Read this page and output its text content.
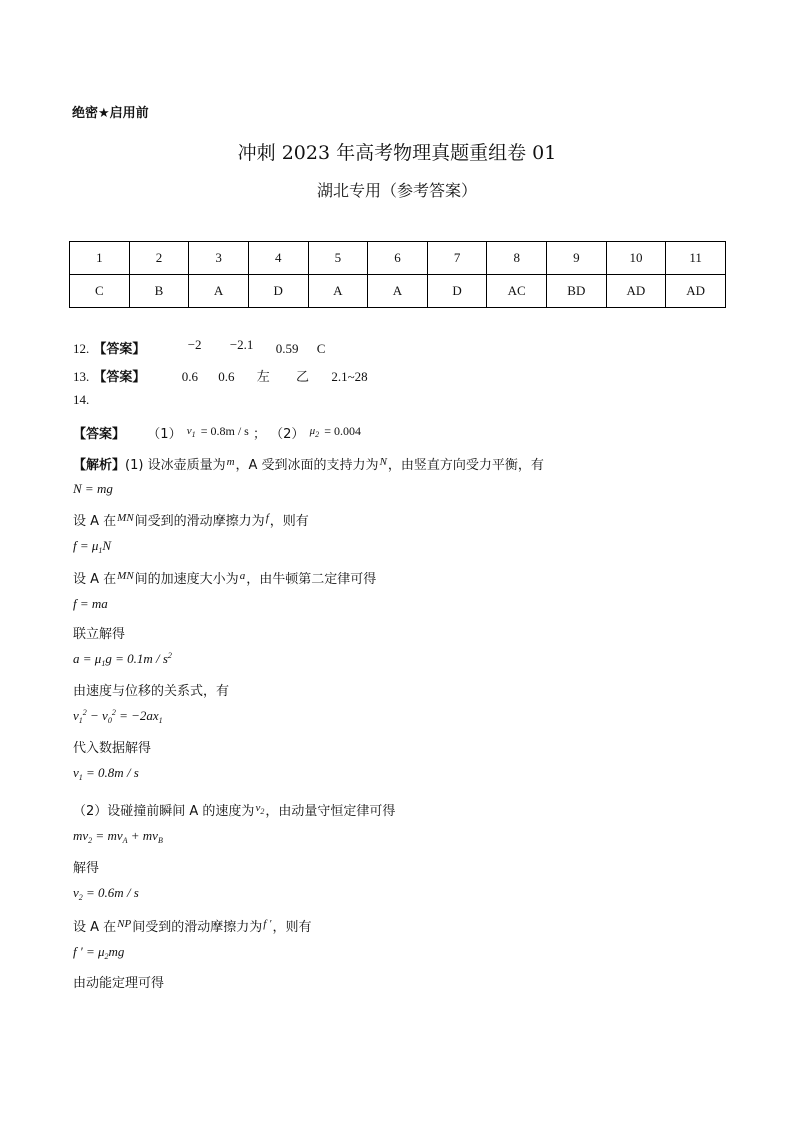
绝密★启用前
冲刺 2023 年高考物理真题重组卷 01
湖北专用（参考答案）
1	2	3	4	5	6	7	8	9	10	11
C	B	A	D	A	A	D	AC	BD	AD	AD
12. 【答案】	−2 −2.1 0.59 C
13. 【答案】	0.6 0.6 左 乙 2.1~28
14.
【答案】 （1） $^{v_1}$ = 0.8m / s ； （2） $^{\mu_2}$ = 0.004
【解析】(1) 设冰壶质量为$^m$，A 受到冰面的支持力为$^N$，由竖直方向受力平衡，有
N = mg
设 A 在$^{MN}$间受到的滑动摩擦力为$^f$，则有
$f = \mu_1N$
设 A 在$^{MN}$间的加速度大小为$^a$，由牛顿第二定律可得
f = ma
联立解得
$a = \mu_1g = 0.1m / s^2$
由速度与位移的关系式，有
$v_1^2 - v_0^2 = -2ax_1$
代入数据解得
$v_1 = 0.8m / s$
（2）设碰撞前瞬间 A 的速度为$^{v_2}$，由动量守恒定律可得
$mv_2 = mv_A + mv_B$
解得
$v_2 = 0.6m / s$
设 A 在$^{NP}$间受到的滑动摩擦力为$^{f '}$，则有
f ′ = $\mu_2mg$
由动能定理可得
